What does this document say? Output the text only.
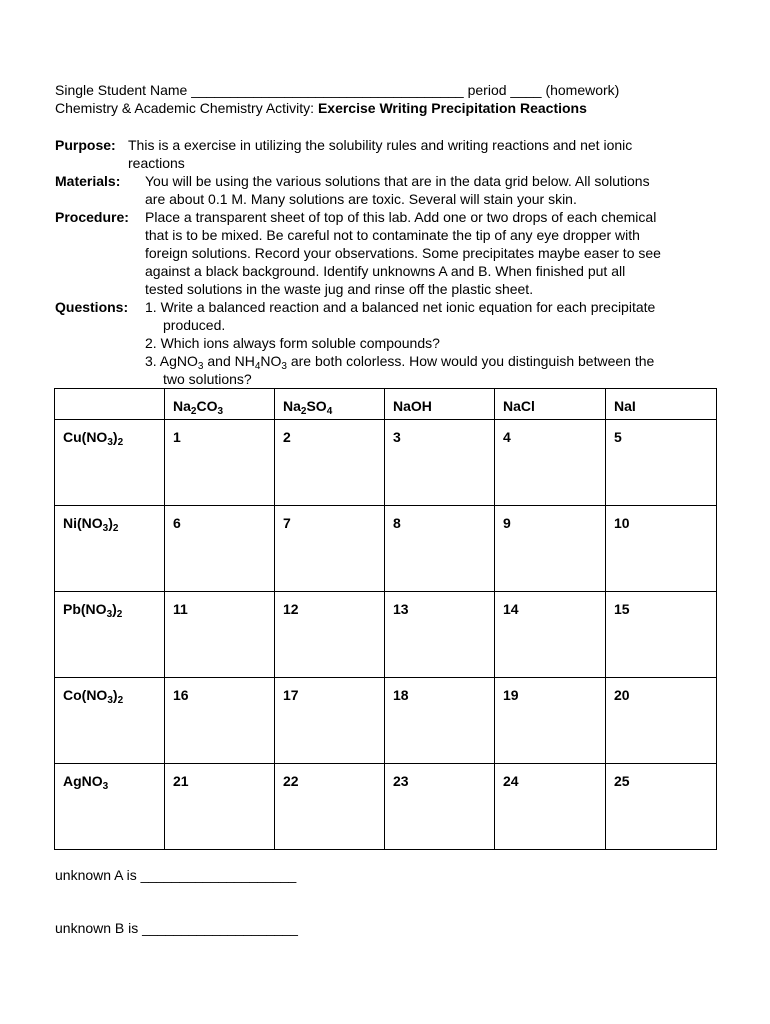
Single Student Name ___________________________________ period ____ (homework)
Chemistry & Academic Chemistry Activity: Exercise Writing Precipitation Reactions
Purpose: This is a exercise in utilizing the solubility rules and writing reactions and net ionic
reactions
Materials: You will be using the various solutions that are in the data grid below. All solutions
are about 0.1 M. Many solutions are toxic. Several will stain your skin.
Procedure: Place a transparent sheet of top of this lab. Add one or two drops of each chemical
that is to be mixed. Be careful not to contaminate the tip of any eye dropper with
foreign solutions. Record your observations. Some precipitates maybe easer to see
against a black background. Identify unknowns A and B. When finished put all
tested solutions in the waste jug and rinse off the plastic sheet.
Questions: 1. Write a balanced reaction and a balanced net ionic equation for each precipitate
produced.
2. Which ions always form soluble compounds?
3. AgNO$_3$ and $NH_4NO_3$ are both colorless. How would you distinguish between the
two solutions?

	$Na_2CO_3$	$Na_2SO_4$	NaOH	NaCl	NaI

$Cu(NO_3)_2$	1	2	3	4	5

$Ni(NO_3)_2$	6	7	8	9	10

$Pb(NO_3)_2$	11	12	13	14	15

$Co(NO_3)_2$	16	17	18	19	20

AgNO$_3$	21	22	23	24	25
unknown A is ____________________
unknown B is ____________________
